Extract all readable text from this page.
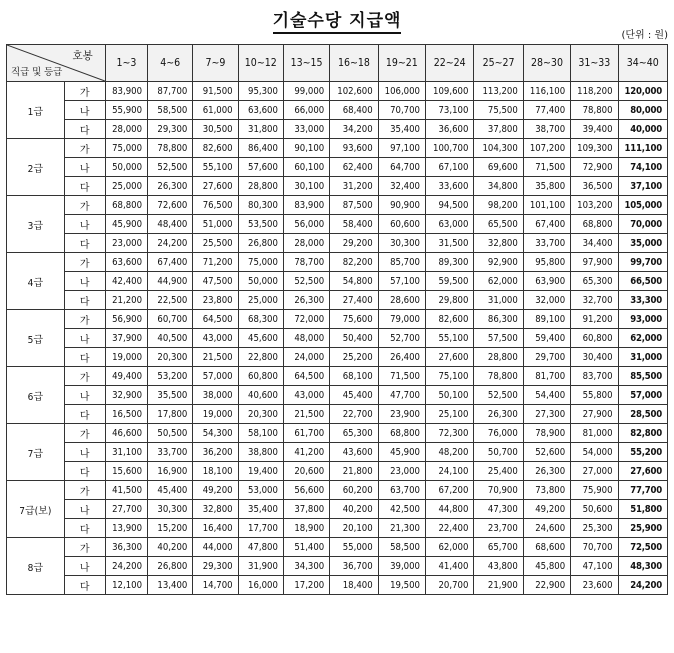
기술수당 지급액
(단위 : 원)
호봉
직급 및 등급		1~3	4~6	7~9	10~12	13~15	16~18	19~21	22~24	25~27	28~30	31~33	34~40
1급	가	83,900	87,700	91,500	95,300	99,000	102,600	106,000	109,600	113,200	116,100	118,200	120,000
	나	55,900	58,500	61,000	63,600	66,000	68,400	70,700	73,100	75,500	77,400	78,800	80,000
	다	28,000	29,300	30,500	31,800	33,000	34,200	35,400	36,600	37,800	38,700	39,400	40,000
2급	가	75,000	78,800	82,600	86,400	90,100	93,600	97,100	100,700	104,300	107,200	109,300	111,100
	나	50,000	52,500	55,100	57,600	60,100	62,400	64,700	67,100	69,600	71,500	72,900	74,100
	다	25,000	26,300	27,600	28,800	30,100	31,200	32,400	33,600	34,800	35,800	36,500	37,100
3급	가	68,800	72,600	76,500	80,300	83,900	87,500	90,900	94,500	98,200	101,100	103,200	105,000
	나	45,900	48,400	51,000	53,500	56,000	58,400	60,600	63,000	65,500	67,400	68,800	70,000
	다	23,000	24,200	25,500	26,800	28,000	29,200	30,300	31,500	32,800	33,700	34,400	35,000
4급	가	63,600	67,400	71,200	75,000	78,700	82,200	85,700	89,300	92,900	95,800	97,900	99,700
	나	42,400	44,900	47,500	50,000	52,500	54,800	57,100	59,500	62,000	63,900	65,300	66,500
	다	21,200	22,500	23,800	25,000	26,300	27,400	28,600	29,800	31,000	32,000	32,700	33,300
5급	가	56,900	60,700	64,500	68,300	72,000	75,600	79,000	82,600	86,300	89,100	91,200	93,000
	나	37,900	40,500	43,000	45,600	48,000	50,400	52,700	55,100	57,500	59,400	60,800	62,000
	다	19,000	20,300	21,500	22,800	24,000	25,200	26,400	27,600	28,800	29,700	30,400	31,000
6급	가	49,400	53,200	57,000	60,800	64,500	68,100	71,500	75,100	78,800	81,700	83,700	85,500
	나	32,900	35,500	38,000	40,600	43,000	45,400	47,700	50,100	52,500	54,400	55,800	57,000
	다	16,500	17,800	19,000	20,300	21,500	22,700	23,900	25,100	26,300	27,300	27,900	28,500
7급	가	46,600	50,500	54,300	58,100	61,700	65,300	68,800	72,300	76,000	78,900	81,000	82,800
	나	31,100	33,700	36,200	38,800	41,200	43,600	45,900	48,200	50,700	52,600	54,000	55,200
	다	15,600	16,900	18,100	19,400	20,600	21,800	23,000	24,100	25,400	26,300	27,000	27,600
7급(보)	가	41,500	45,400	49,200	53,000	56,600	60,200	63,700	67,200	70,900	73,800	75,900	77,700
	나	27,700	30,300	32,800	35,400	37,800	40,200	42,500	44,800	47,300	49,200	50,600	51,800
	다	13,900	15,200	16,400	17,700	18,900	20,100	21,300	22,400	23,700	24,600	25,300	25,900
8급	가	36,300	40,200	44,000	47,800	51,400	55,000	58,500	62,000	65,700	68,600	70,700	72,500
	나	24,200	26,800	29,300	31,900	34,300	36,700	39,000	41,400	43,800	45,800	47,100	48,300
	다	12,100	13,400	14,700	16,000	17,200	18,400	19,500	20,700	21,900	22,900	23,600	24,200
